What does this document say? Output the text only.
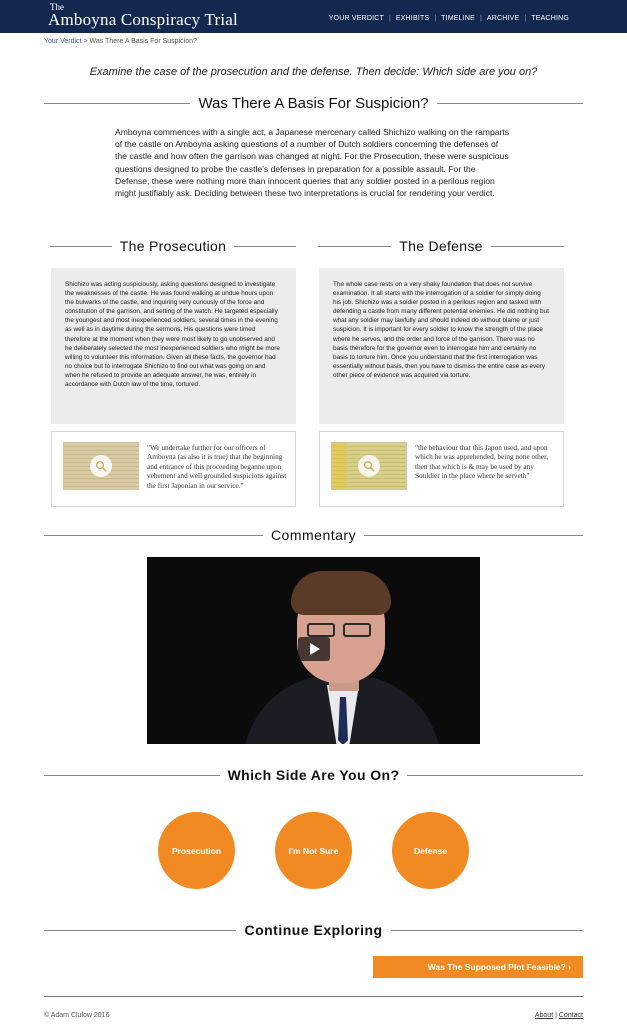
The
Amboyna Conspiracy Trial	YOUR VERDICT | EXHIBITS | TIMELINE | ARCHIVE | TEACHING
Your Verdict > Was There A Basis For Suspicion?
Examine the case of the prosecution and the defense. Then decide: Which side are you on?
Was There A Basis For Suspicion?

Amboyna commences with a single act, a Japanese mercenary called Shichizo walking on the ramparts of the castle on Amboyna asking questions of a number of Dutch soldiers concerning the defenses of the castle and how often the garrison was changed at night. For the Prosecution, these were suspicious questions designed to probe the castle’s defenses in preparation for a possible assault. For the Defense, these were nothing more than innocent queries that any soldier posted in a perilous region might justifiably ask. Deciding between these two interpretations is crucial for rendering your verdict.

The Prosecution	The Defense
Shichizo was acting suspiciously, asking questions designed to investigate the weaknesses of the castle. He was found walking at undue hours upon the bulwarks of the castle, and inquiring very curiously of the force and constitution of the garrison, and setting of the watch. He targeted especially the youngest and most inexperienced soldiers, several times in the evening as well as in daytime during the sermons. His questions were timed therefore at the moment when they were most likely to go unobserved and he deliberately selected the most inexperienced soldiers who might be more willing to volunteer this information. Given all these facts, the governor had no choice but to interrogate Shichizo to find out what was going on and when he refused to provide an adequate answer, he was, entirely in accordance with Dutch law of the time, tortured.
The whole case rests on a very shaky foundation that does not survive examination. It all starts with the interrogation of a soldier for simply doing his job. Shichizo was a soldier posted in a perilous region and tasked with defending a castle from many different potential enemies. He did nothing but what any soldier may lawfully and should indeed do without blame or just suspicion. It is important for every soldier to know the strength of the place where he serves, and the order and force of the garrison. There was no basis therefore for the governor even to interrogate him and certainly no basis to torture him. Once you understand that the first interrogation was essentially without basis, then you have to dismiss the entire case as every other piece of evidence was acquired via torture.
"We undertake further for our officers of Amboyna (as also it is true) that the beginning and entrance of this proceeding beganne upon vehement and well grounded suspicions against the first Japonian in our service."
"the behaviour that this Japon used, and upon which he was apprehended, being none other, then that which is & may be used by any Souldier in the place where he serveth"
Commentary
Which Side Are You On?
Prosecution	I'm Not Sure	Defense
Continue Exploring
Was The Supposed Plot Feasible? ›
© Adam Clulow 2016	About | Contact
